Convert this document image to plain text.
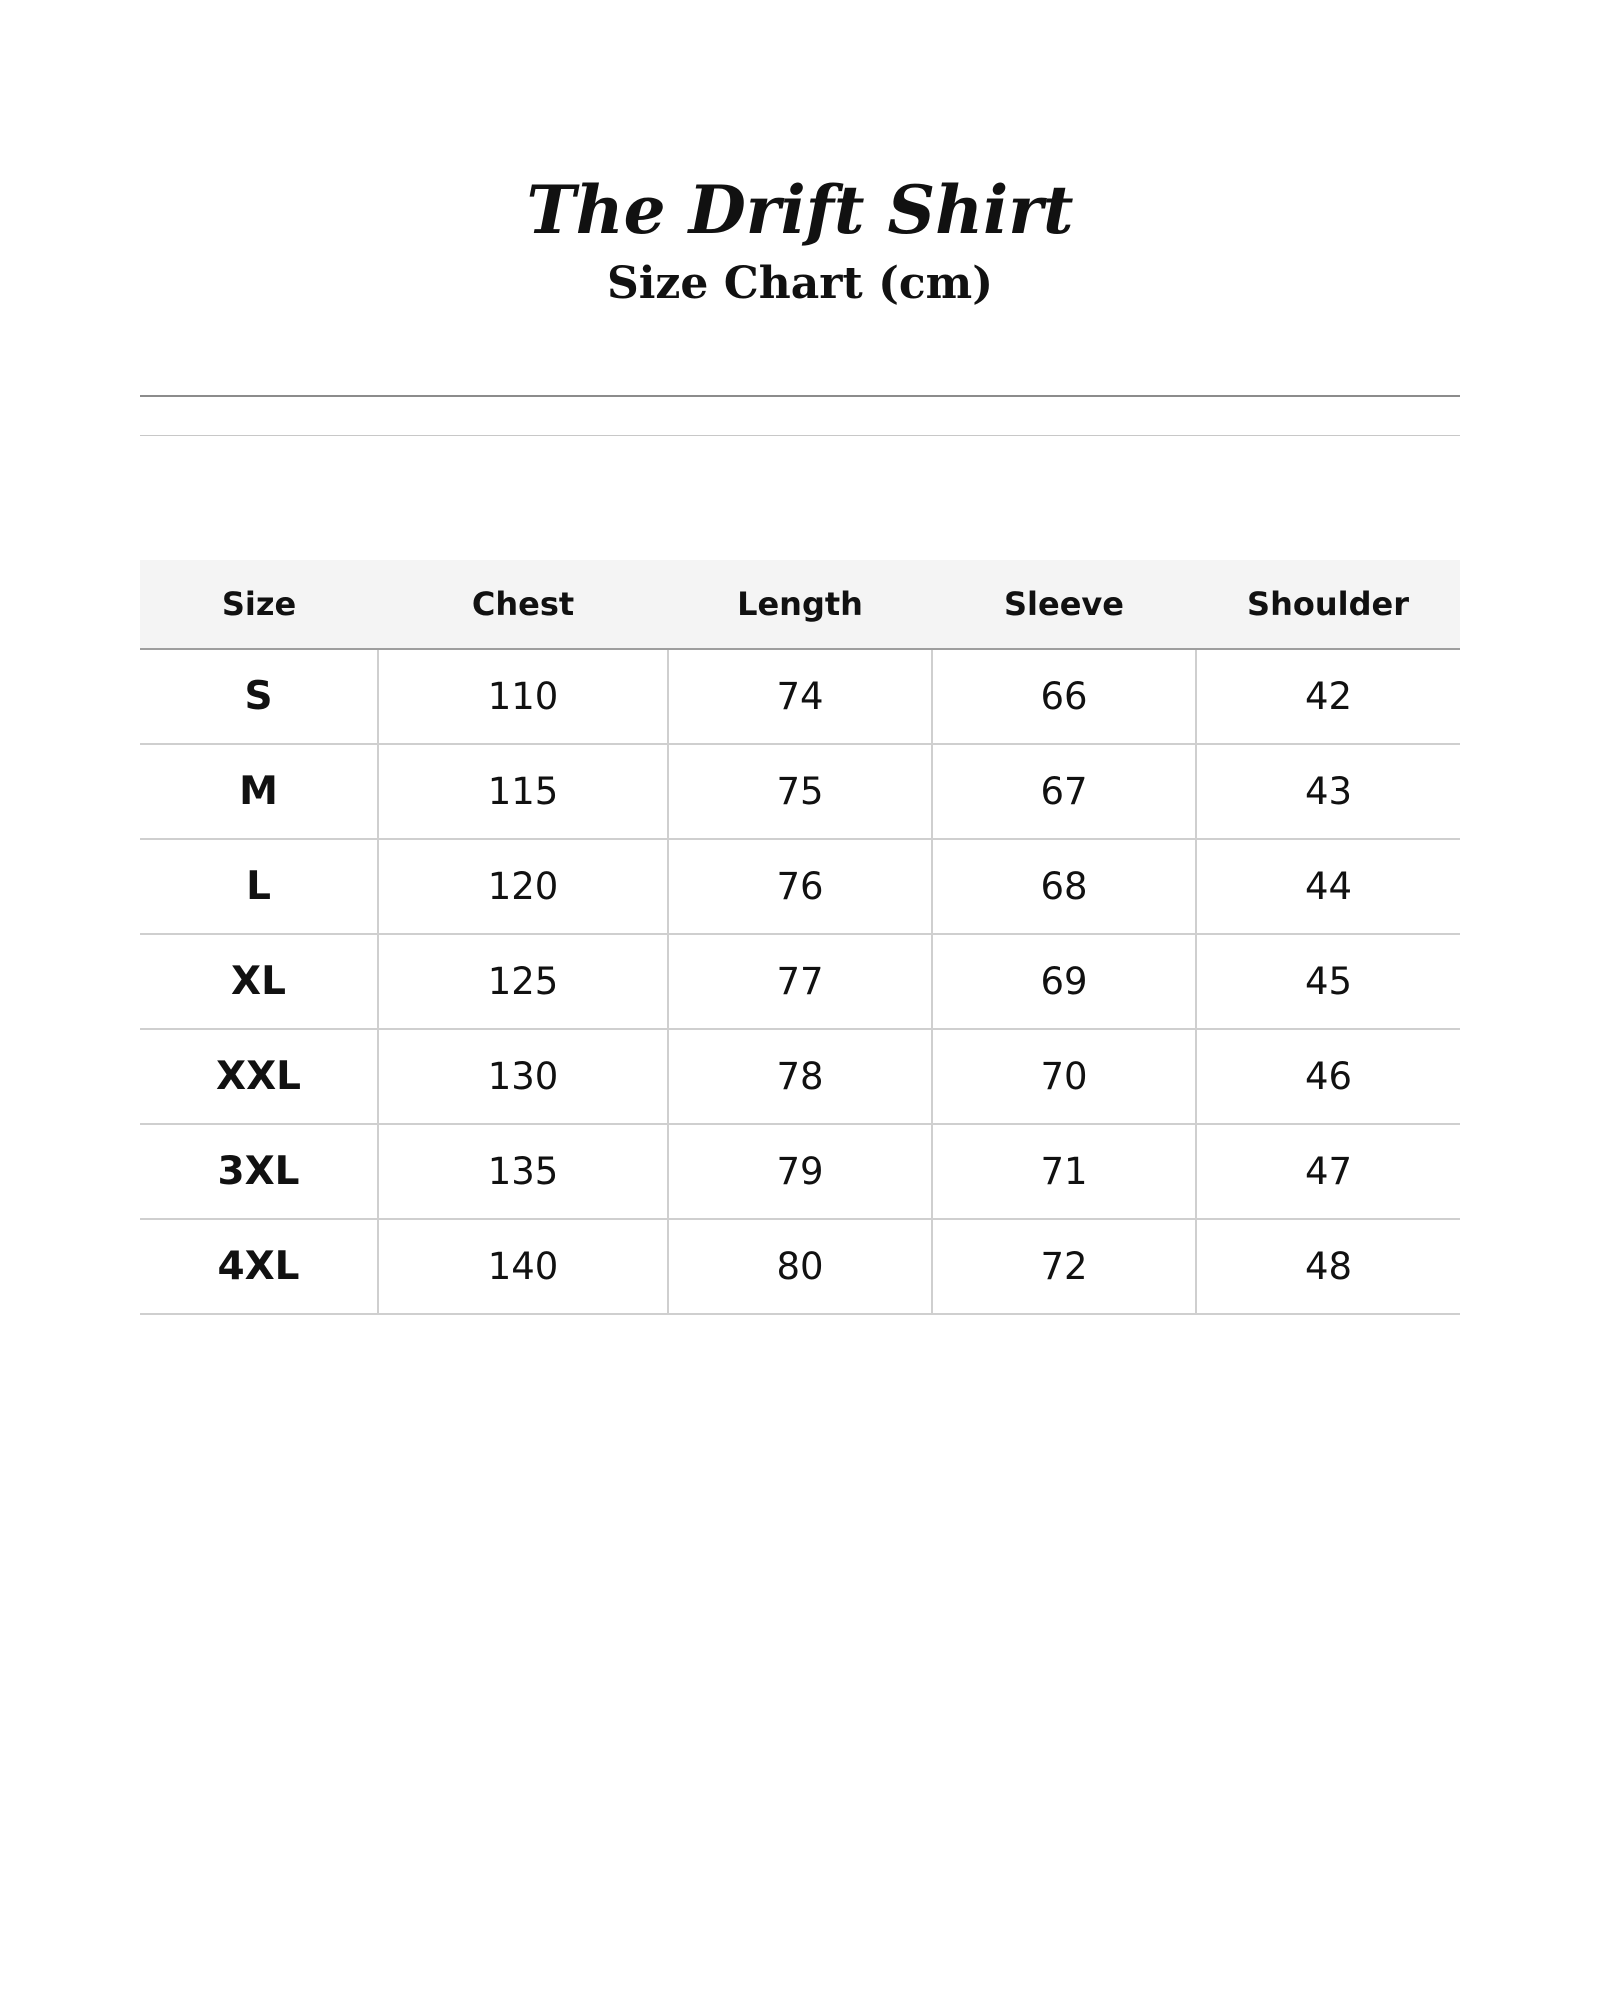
The Drift Shirt
Size Chart (cm)
Size	Chest	Length	Sleeve	Shoulder
S	110	74	66	42
M	115	75	67	43
L	120	76	68	44
XL	125	77	69	45
XXL	130	78	70	46
3XL	135	79	71	47
4XL	140	80	72	48
